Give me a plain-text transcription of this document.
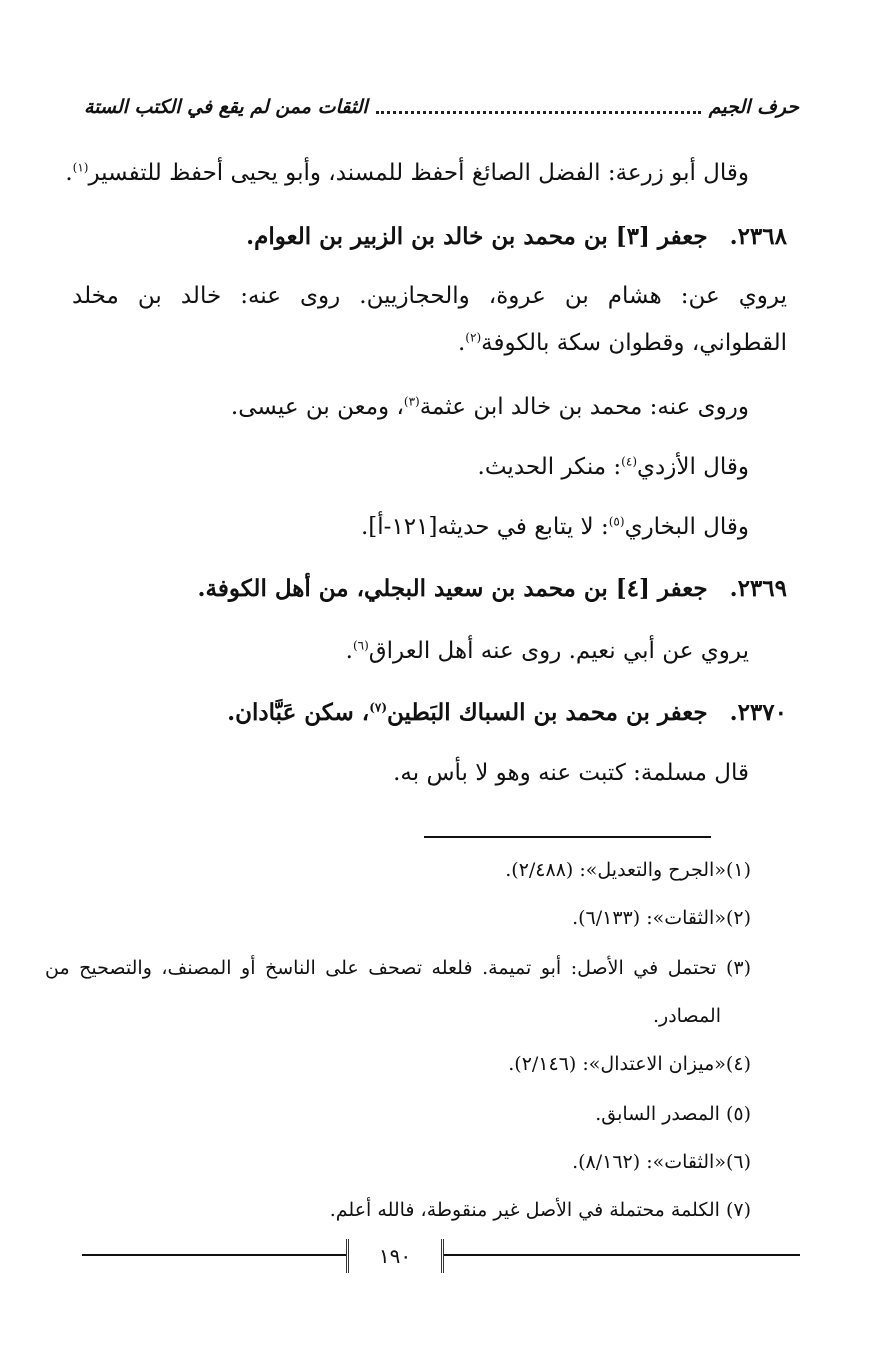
حرف الجيم
الثقات ممن لم يقع في الكتب الستة
وقال أبو زرعة: الفضل الصائغ أحفظ للمسند، وأبو يحيى أحفظ للتفسير$^{(١)}$.
٢٣٦٨.جعفر [٣] بن محمد بن خالد بن الزبير بن العوام.
يروي عن: هشام بن عروة، والحجازيين. روى عنه: خالد بن مخلد
القطواني، وقطوان سكة بالكوفة$^{(٢)}$.
وروى عنه: محمد بن خالد ابن عثمة$^{(٣)}$، ومعن بن عيسى.
وقال الأزدي$^{(٤)}$: منكر الحديث.
وقال البخاري$^{(٥)}$: لا يتابع في حديثه[١٢١-أ].
٢٣٦٩.جعفر [٤] بن محمد بن سعيد البجلي، من أهل الكوفة.
يروي عن أبي نعيم. روى عنه أهل العراق$^{(٦)}$.
٢٣٧٠.جعفر بن محمد بن السباك البَطين$^{(٧)}$، سكن عَبَّادان.
قال مسلمة: كتبت عنه وهو لا بأس به.
(١)«الجرح والتعديل»: (٢/٤٨٨).
(٢)«الثقات»: (٦/١٣٣).
(٣) تحتمل في الأصل: أبو تميمة. فلعله تصحف على الناسخ أو المصنف، والتصحيح من
المصادر.
(٤)«ميزان الاعتدال»: (٢/١٤٦).
(٥) المصدر السابق.
(٦)«الثقات»: (٨/١٦٢).
(٧) الكلمة محتملة في الأصل غير منقوطة، فالله أعلم.
١٩٠
